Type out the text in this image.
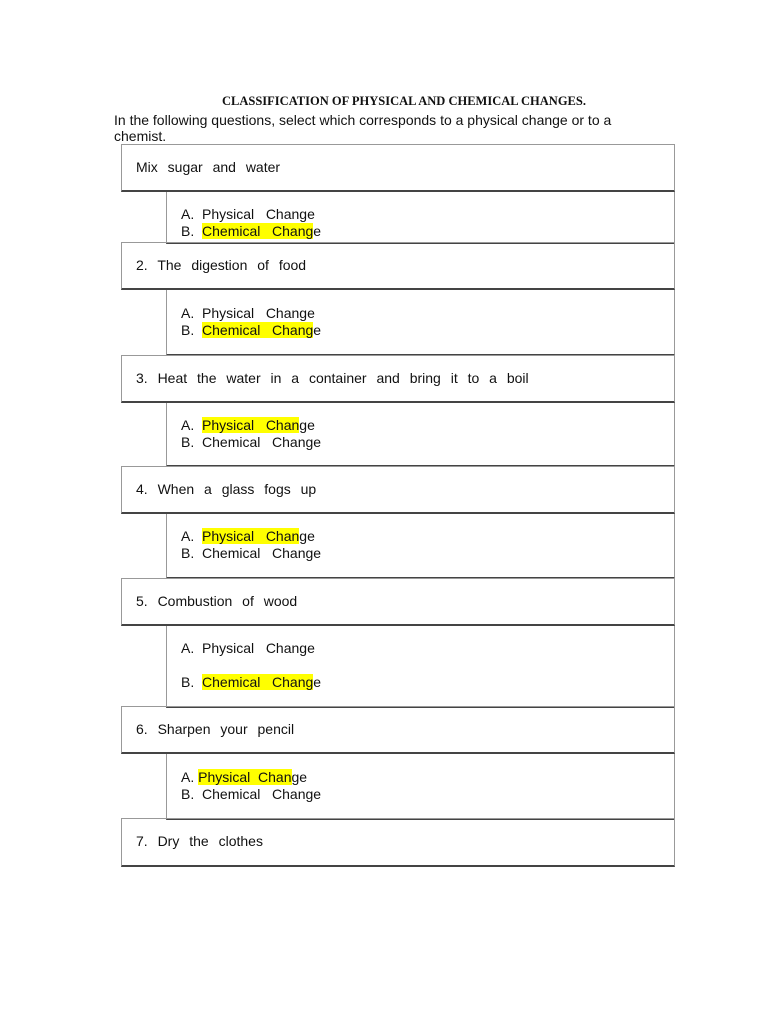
CLASSIFICATION OF PHYSICAL AND CHEMICAL CHANGES.
In the following questions, select which corresponds to a physical change or to a chemist.
Mix sugar and water
A.  Physical   Change
B.  Chemical   Change
2. The digestion of food
A.  Physical   Change
B.  Chemical   Change
3. Heat the water in a container and bring it to a boil
A.  Physical   Change
B.  Chemical   Change
4. When a glass fogs up
A.  Physical   Change
B.  Chemical   Change
5. Combustion of wood
A.  Physical   Change
B.  Chemical   Change
6. Sharpen your pencil
A. Physical  Change
B.  Chemical   Change
7. Dry the clothes
